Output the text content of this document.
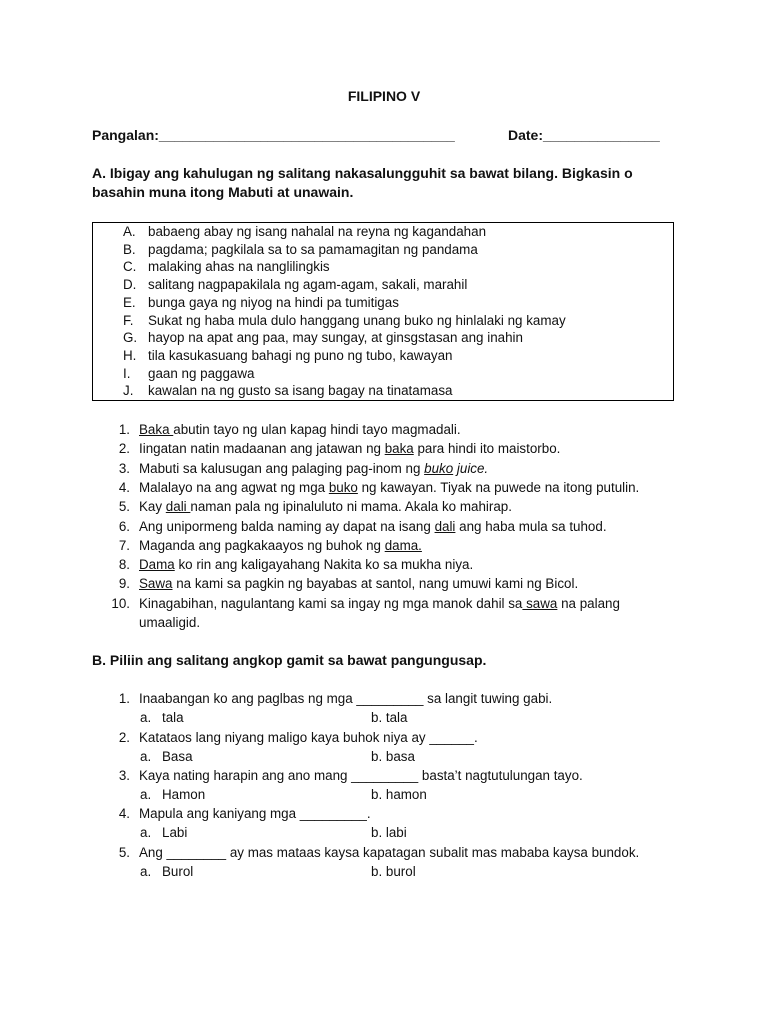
FILIPINO V
Pangalan:______________________________________	Date:_______________
A. Ibigay ang kahulugan ng salitang nakasalungguhit sa bawat bilang. Bigkasin o basahin muna itong Mabuti at unawain.
A. babaeng abay ng isang nahalal na reyna ng kagandahan
B. pagdama; pagkilala sa to sa pamamagitan ng pandama
C. malaking ahas na nanglilingkis
D. salitang nagpapakilala ng agam-agam, sakali, marahil
E. bunga gaya ng niyog na hindi pa tumitigas
F. Sukat ng haba mula dulo hanggang unang buko ng hinlalaki ng kamay
G. hayop na apat ang paa, may sungay, at ginsgstasan ang inahin
H. tila kasukasuang bahagi ng puno ng tubo, kawayan
I. gaan ng paggawa
J. kawalan na ng gusto sa isang bagay na tinatamasa
1. Baka abutin tayo ng ulan kapag hindi tayo magmadali.
2. Iingatan natin madaanan ang jatawan ng baka para hindi ito maistorbo.
3. Mabuti sa kalusugan ang palaging pag-inom ng buko juice.
4. Malalayo na ang agwat ng mga buko ng kawayan. Tiyak na puwede na itong putulin.
5. Kay dali naman pala ng ipinaluluto ni mama. Akala ko mahirap.
6. Ang unipormeng balda naming ay dapat na isang dali ang haba mula sa tuhod.
7. Maganda ang pagkakaayos ng buhok ng dama.
8. Dama ko rin ang kaligayahang Nakita ko sa mukha niya.
9. Sawa na kami sa pagkin ng bayabas at santol, nang umuwi kami ng Bicol.
10. Kinagabihan, nagulantang kami sa ingay ng mga manok dahil sa sawa na palang
umaaligid.
B. Piliin ang salitang angkop gamit sa bawat pangungusap.
1. Inaabangan ko ang paglbas ng mga _________ sa langit tuwing gabi.
a. tala	b. tala
2. Katataos lang niyang maligo kaya buhok niya ay ______.
a. Basa	b. basa
3. Kaya nating harapin ang ano mang _________ basta’t nagtutulungan tayo.
a. Hamon	b. hamon
4. Mapula ang kaniyang mga _________.
a. Labi	b. labi
5. Ang ________ ay mas mataas kaysa kapatagan subalit mas mababa kaysa bundok.
a. Burol	b. burol
